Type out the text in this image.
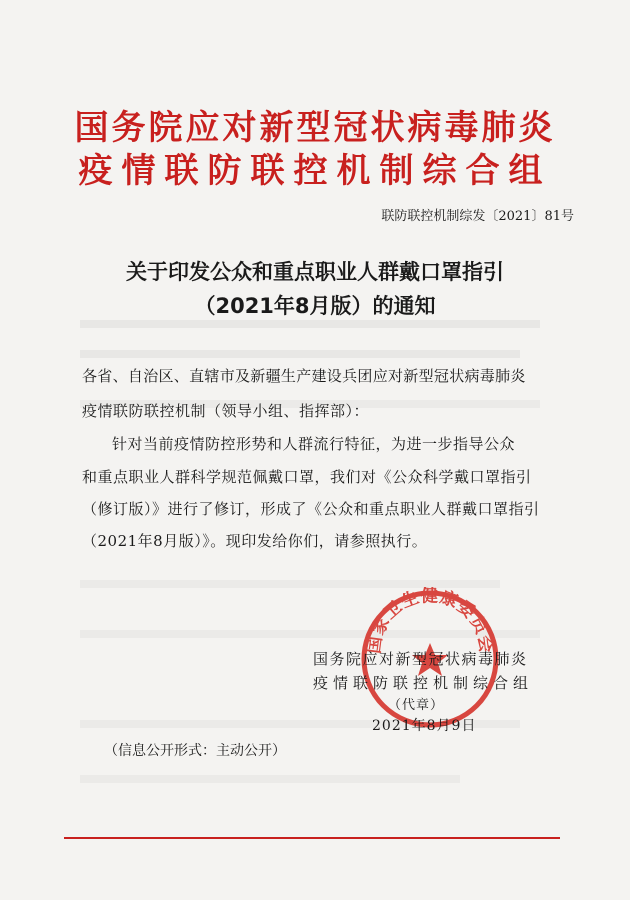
国务院应对新型冠状病毒肺炎
疫情联防联控机制综合组
联防联控机制综发〔2021〕81号
关于印发公众和重点职业人群戴口罩指引
（2021年8月版）的通知
各省、自治区、直辖市及新疆生产建设兵团应对新型冠状病毒肺炎
疫情联防联控机制（领导小组、指挥部）：
针对当前疫情防控形势和人群流行特征，为进一步指导公众
和重点职业人群科学规范佩戴口罩，我们对《公众科学戴口罩指引
（修订版）》进行了修订，形成了《公众和重点职业人群戴口罩指引
（2021年8月版）》。现印发给你们，请参照执行。
国家卫生健康委员会
国务院应对新型冠状病毒肺炎
疫情联防联控机制综合组
（代章）
2021年8月9日
（信息公开形式：主动公开）
